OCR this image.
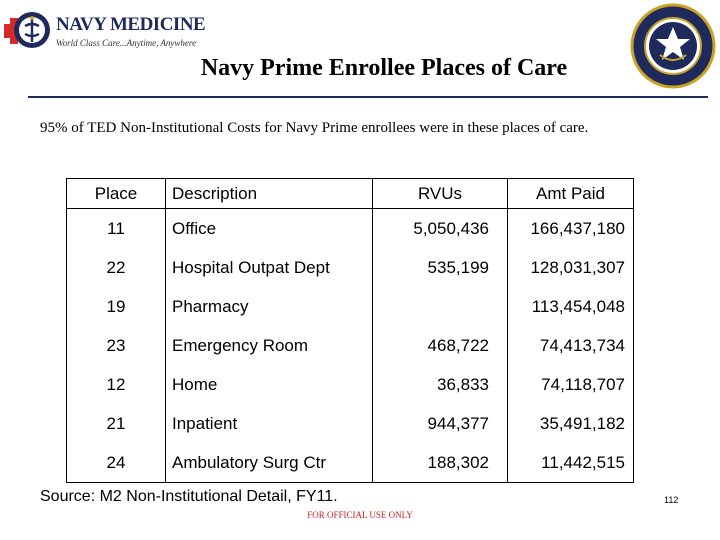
NAVY MEDICINE
World Class Care...Anytime, Anywhere
Navy Prime Enrollee Places of Care
95% of TED Non-Institutional Costs for Navy Prime enrollees were in these places of care.
Place	Description	RVUs	Amt Paid
11	Office	5,050,436	166,437,180
22	Hospital Outpat Dept	535,199	128,031,307
19	Pharmacy		113,454,048
23	Emergency Room	468,722	74,413,734
12	Home	36,833	74,118,707
21	Inpatient	944,377	35,491,182
24	Ambulatory Surg Ctr	188,302	11,442,515
Source: M2 Non-Institutional Detail, FY11.
FOR OFFICIAL USE ONLY
112
